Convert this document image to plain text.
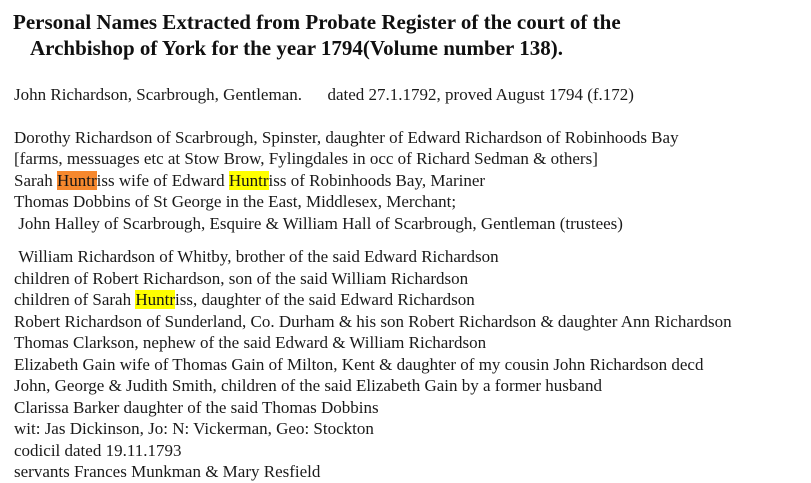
Personal Names Extracted from Probate Register of the court of the
Archbishop of York for the year 1794(Volume number 138).
John Richardson, Scarbrough, Gentleman.      dated 27.1.1792, proved August 1794 (f.172)
Dorothy Richardson of Scarbrough, Spinster, daughter of Edward Richardson of Robinhoods Bay
[farms, messuages etc at Stow Brow, Fylingdales in occ of Richard Sedman & others]
Sarah Huntriss wife of Edward Huntriss of Robinhoods Bay, Mariner
Thomas Dobbins of St George in the East, Middlesex, Merchant;
John Halley of Scarbrough, Esquire & William Hall of Scarbrough, Gentleman (trustees)
William Richardson of Whitby, brother of the said Edward Richardson
children of Robert Richardson, son of the said William Richardson
children of Sarah Huntriss, daughter of the said Edward Richardson
Robert Richardson of Sunderland, Co. Durham & his son Robert Richardson & daughter Ann Richardson
Thomas Clarkson, nephew of the said Edward & William Richardson
Elizabeth Gain wife of Thomas Gain of Milton, Kent & daughter of my cousin John Richardson decd
John, George & Judith Smith, children of the said Elizabeth Gain by a former husband
Clarissa Barker daughter of the said Thomas Dobbins
wit: Jas Dickinson, Jo: N: Vickerman, Geo: Stockton
codicil dated 19.11.1793
servants Frances Munkman & Mary Resfield
